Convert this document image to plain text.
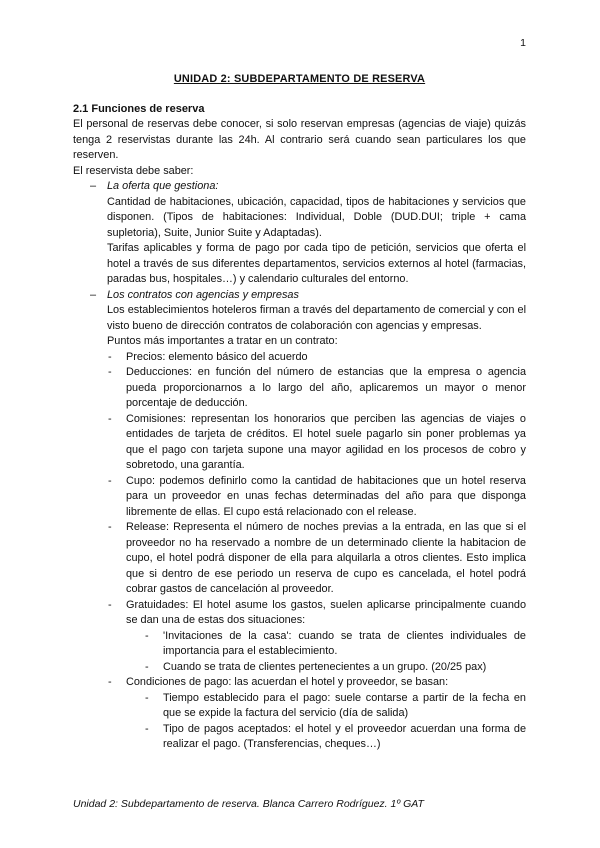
1

UNIDAD 2: SUBDEPARTAMENTO DE RESERVA

2.1 Funciones de reserva

El personal de reservas debe conocer, si solo reservan empresas (agencias de viaje) quizás tenga 2 reservistas durante las 24h. Al contrario será cuando sean particulares los que reserven.

El reservista debe saber:

– La oferta que gestiona:

Cantidad de habitaciones, ubicación, capacidad, tipos de habitaciones y servicios que disponen. (Tipos de habitaciones: Individual, Doble (DUD.DUI; triple + cama supletoria), Suite, Junior Suite y Adaptadas).

Tarifas aplicables y forma de pago por cada tipo de petición, servicios que oferta el hotel a través de sus diferentes departamentos, servicios externos al hotel (farmacias, paradas bus, hospitales…) y calendario culturales del entorno.

– Los contratos con agencias y empresas

Los establecimientos hoteleros firman a través del departamento de comercial y con el visto bueno de dirección contratos de colaboración con agencias y empresas.

Puntos más importantes a tratar en un contrato:

- Precios: elemento básico del acuerdo

- Deducciones: en función del número de estancias que la empresa o agencia pueda proporcionarnos a lo largo del año, aplicaremos un mayor o menor porcentaje de deducción.

- Comisiones: representan los honorarios que perciben las agencias de viajes o entidades de tarjeta de créditos. El hotel suele pagarlo sin poner problemas ya que el pago con tarjeta supone una mayor agilidad en los procesos de cobro y sobretodo, una garantía.

- Cupo: podemos definirlo como la cantidad de habitaciones que un hotel reserva para un proveedor en unas fechas determinadas del año para que disponga libremente de ellas. El cupo está relacionado con el release.

- Release: Representa el número de noches previas a la entrada, en las que si el proveedor no ha reservado a nombre de un determinado cliente la habitacion de cupo, el hotel podrá disponer de ella para alquilarla a otros clientes. Esto implica que si dentro de ese periodo un reserva de cupo es cancelada, el hotel podrá cobrar gastos de cancelación al proveedor.

- Gratuidades: El hotel asume los gastos, suelen aplicarse principalmente cuando se dan una de estas dos situaciones:

- 'Invitaciones de la casa': cuando se trata de clientes individuales de importancia para el establecimiento.

- Cuando se trata de clientes pertenecientes a un grupo. (20/25 pax)

- Condiciones de pago: las acuerdan el hotel y proveedor, se basan:

- Tiempo establecido para el pago: suele contarse a partir de la fecha en que se expide la factura del servicio (día de salida)

- Tipo de pagos aceptados: el hotel y el proveedor acuerdan una forma de realizar el pago. (Transferencias, cheques…)

Unidad 2: Subdepartamento de reserva. Blanca Carrero Rodríguez. 1º GAT
